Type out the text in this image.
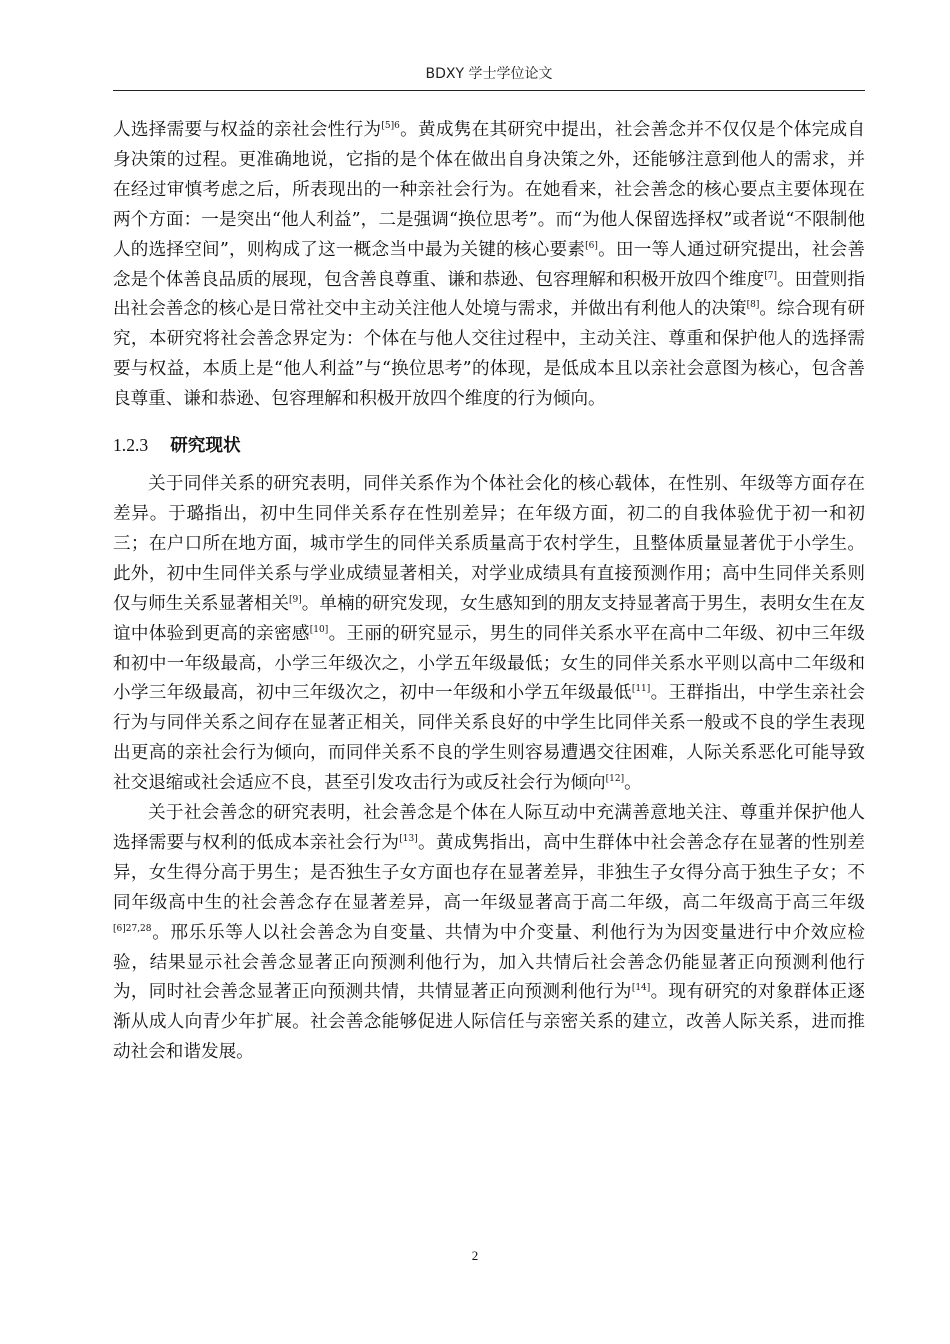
BDXY 学士学位论文

人选择需要与权益的亲社会性行为$^{[5]6}$。黄成隽在其研究中提出，社会善念并不仅仅是个体完成自身决策的过程。更准确地说，它指的是个体在做出自身决策之外，还能够注意到他人的需求，并在经过审慎考虑之后，所表现出的一种亲社会行为。在她看来，社会善念的核心要点主要体现在两个方面：一是突出“他人利益”，二是强调“换位思考”。而“为他人保留选择权”或者说“不限制他人的选择空间”，则构成了这一概念当中最为关键的核心要素[6]。田一等人通过研究提出，社会善念是个体善良品质的展现，包含善良尊重、谦和恭逊、包容理解和积极开放四个维度[7]。田萱则指出社会善念的核心是日常社交中主动关注他人处境与需求，并做出有利他人的决策[8]。综合现有研究，本研究将社会善念界定为：个体在与他人交往过程中，主动关注、尊重和保护他人的选择需要与权益，本质上是“他人利益”与“换位思考”的体现，是低成本且以亲社会意图为核心，包含善良尊重、谦和恭逊、包容理解和积极开放四个维度的行为倾向。

1.2.3 研究现状

关于同伴关系的研究表明，同伴关系作为个体社会化的核心载体，在性别、年级等方面存在差异。于璐指出，初中生同伴关系存在性别差异；在年级方面，初二的自我体验优于初一和初三；在户口所在地方面，城市学生的同伴关系质量高于农村学生，且整体质量显著优于小学生。此外，初中生同伴关系与学业成绩显著相关，对学业成绩具有直接预测作用；高中生同伴关系则仅与师生关系显著相关[9]。单楠的研究发现，女生感知到的朋友支持显著高于男生，表明女生在友谊中体验到更高的亲密感[10]。王丽的研究显示，男生的同伴关系水平在高中二年级、初中三年级和初中一年级最高，小学三年级次之，小学五年级最低；女生的同伴关系水平则以高中二年级和小学三年级最高，初中三年级次之，初中一年级和小学五年级最低[11]。王群指出，中学生亲社会行为与同伴关系之间存在显著正相关，同伴关系良好的中学生比同伴关系一般或不良的学生表现出更高的亲社会行为倾向，而同伴关系不良的学生则容易遭遇交往困难，人际关系恶化可能导致社交退缩或社会适应不良，甚至引发攻击行为或反社会行为倾向[12]。

关于社会善念的研究表明，社会善念是个体在人际互动中充满善意地关注、尊重并保护他人选择需要与权利的低成本亲社会行为[13]。黄成隽指出，高中生群体中社会善念存在显著的性别差异，女生得分高于男生；是否独生子女方面也存在显著差异，非独生子女得分高于独生子女；不同年级高中生的社会善念存在显著差异，高一年级显著高于高二年级，高二年级高于高三年级$^{[6]27,28}$。邢乐乐等人以社会善念为自变量、共情为中介变量、利他行为为因变量进行中介效应检验，结果显示社会善念显著正向预测利他行为，加入共情后社会善念仍能显著正向预测利他行为，同时社会善念显著正向预测共情，共情显著正向预测利他行为[14]。现有研究的对象群体正逐渐从成人向青少年扩展。社会善念能够促进人际信任与亲密关系的建立，改善人际关系，进而推动社会和谐发展。

2
